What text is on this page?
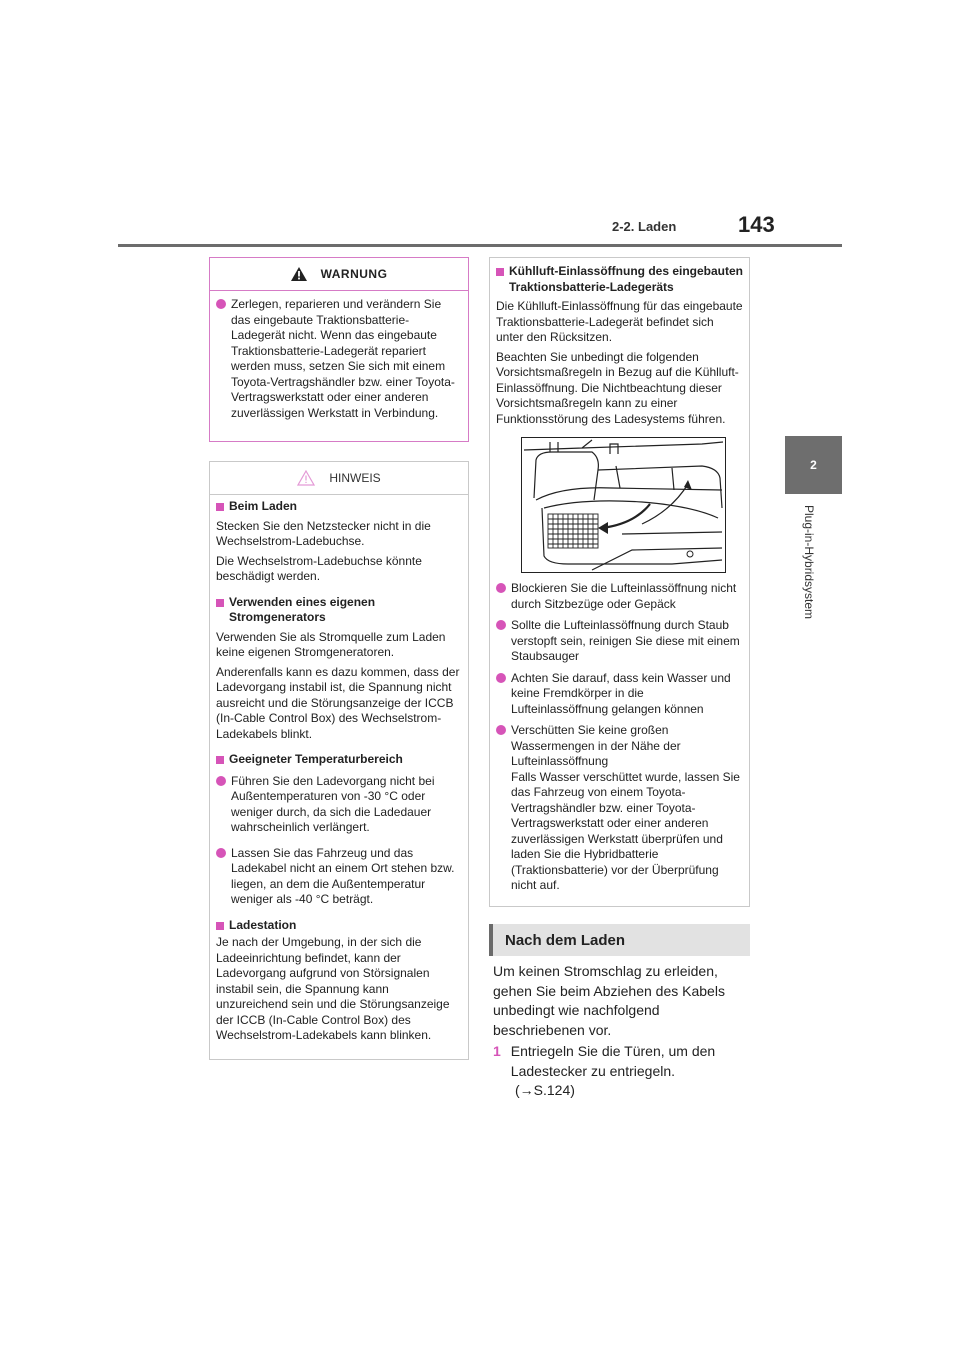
2-2. Laden	143
2
Plug-in-Hybridsystem
WARNUNG
Zerlegen, reparieren und verändern Sie das eingebaute Traktionsbatterie-Ladegerät nicht. Wenn das eingebaute Traktionsbatterie-Ladegerät repariert werden muss, setzen Sie sich mit einem Toyota-Vertragshändler bzw. einer Toyota-Vertragswerkstatt oder einer anderen zuverlässigen Werkstatt in Verbindung.
HINWEIS
Beim Laden
Stecken Sie den Netzstecker nicht in die Wechselstrom-Ladebuchse.
Die Wechselstrom-Ladebuchse könnte beschädigt werden.
Verwenden eines eigenen Stromgenerators
Verwenden Sie als Stromquelle zum Laden keine eigenen Stromgeneratoren.
Anderenfalls kann es dazu kommen, dass der Ladevorgang instabil ist, die Spannung nicht ausreicht und die Störungsanzeige der ICCB (In-Cable Control Box) des Wechselstrom-Ladekabels blinkt.
Geeigneter Temperaturbereich
Führen Sie den Ladevorgang nicht bei Außentemperaturen von -30 °C oder weniger durch, da sich die Ladedauer wahrscheinlich verlängert.
Lassen Sie das Fahrzeug und das Ladekabel nicht an einem Ort stehen bzw. liegen, an dem die Außentemperatur weniger als -40 °C beträgt.
Ladestation
Je nach der Umgebung, in der sich die Ladeeinrichtung befindet, kann der Ladevorgang aufgrund von Störsignalen instabil sein, die Spannung kann unzureichend sein und die Störungsanzeige der ICCB (In-Cable Control Box) des Wechselstrom-Ladekabels kann blinken.
Kühlluft-Einlassöffnung des eingebauten Traktionsbatterie-Ladegeräts
Die Kühlluft-Einlassöffnung für das eingebaute Traktionsbatterie-Ladegerät befindet sich unter den Rücksitzen.
Beachten Sie unbedingt die folgenden Vorsichtsmaßregeln in Bezug auf die Kühlluft-Einlassöffnung. Die Nichtbeachtung dieser Vorsichtsmaßregeln kann zu einer Funktionsstörung des Ladesystems führen.
Blockieren Sie die Lufteinlassöffnung nicht durch Sitzbezüge oder Gepäck
Sollte die Lufteinlassöffnung durch Staub verstopft sein, reinigen Sie diese mit einem Staubsauger
Achten Sie darauf, dass kein Wasser und keine Fremdkörper in die Lufteinlassöffnung gelangen können
Verschütten Sie keine großen Wassermengen in der Nähe der Lufteinlassöffnung
Falls Wasser verschüttet wurde, lassen Sie das Fahrzeug von einem Toyota-Vertragshändler bzw. einer Toyota-Vertragswerkstatt oder einer anderen zuverlässigen Werkstatt überprüfen und laden Sie die Hybridbatterie (Traktionsbatterie) vor der Überprüfung nicht auf.
Nach dem Laden
Um keinen Stromschlag zu erleiden, gehen Sie beim Abziehen des Kabels unbedingt wie nachfolgend beschriebenen vor.
1 Entriegeln Sie die Türen, um den Ladestecker zu entriegeln.
(→S.124)
